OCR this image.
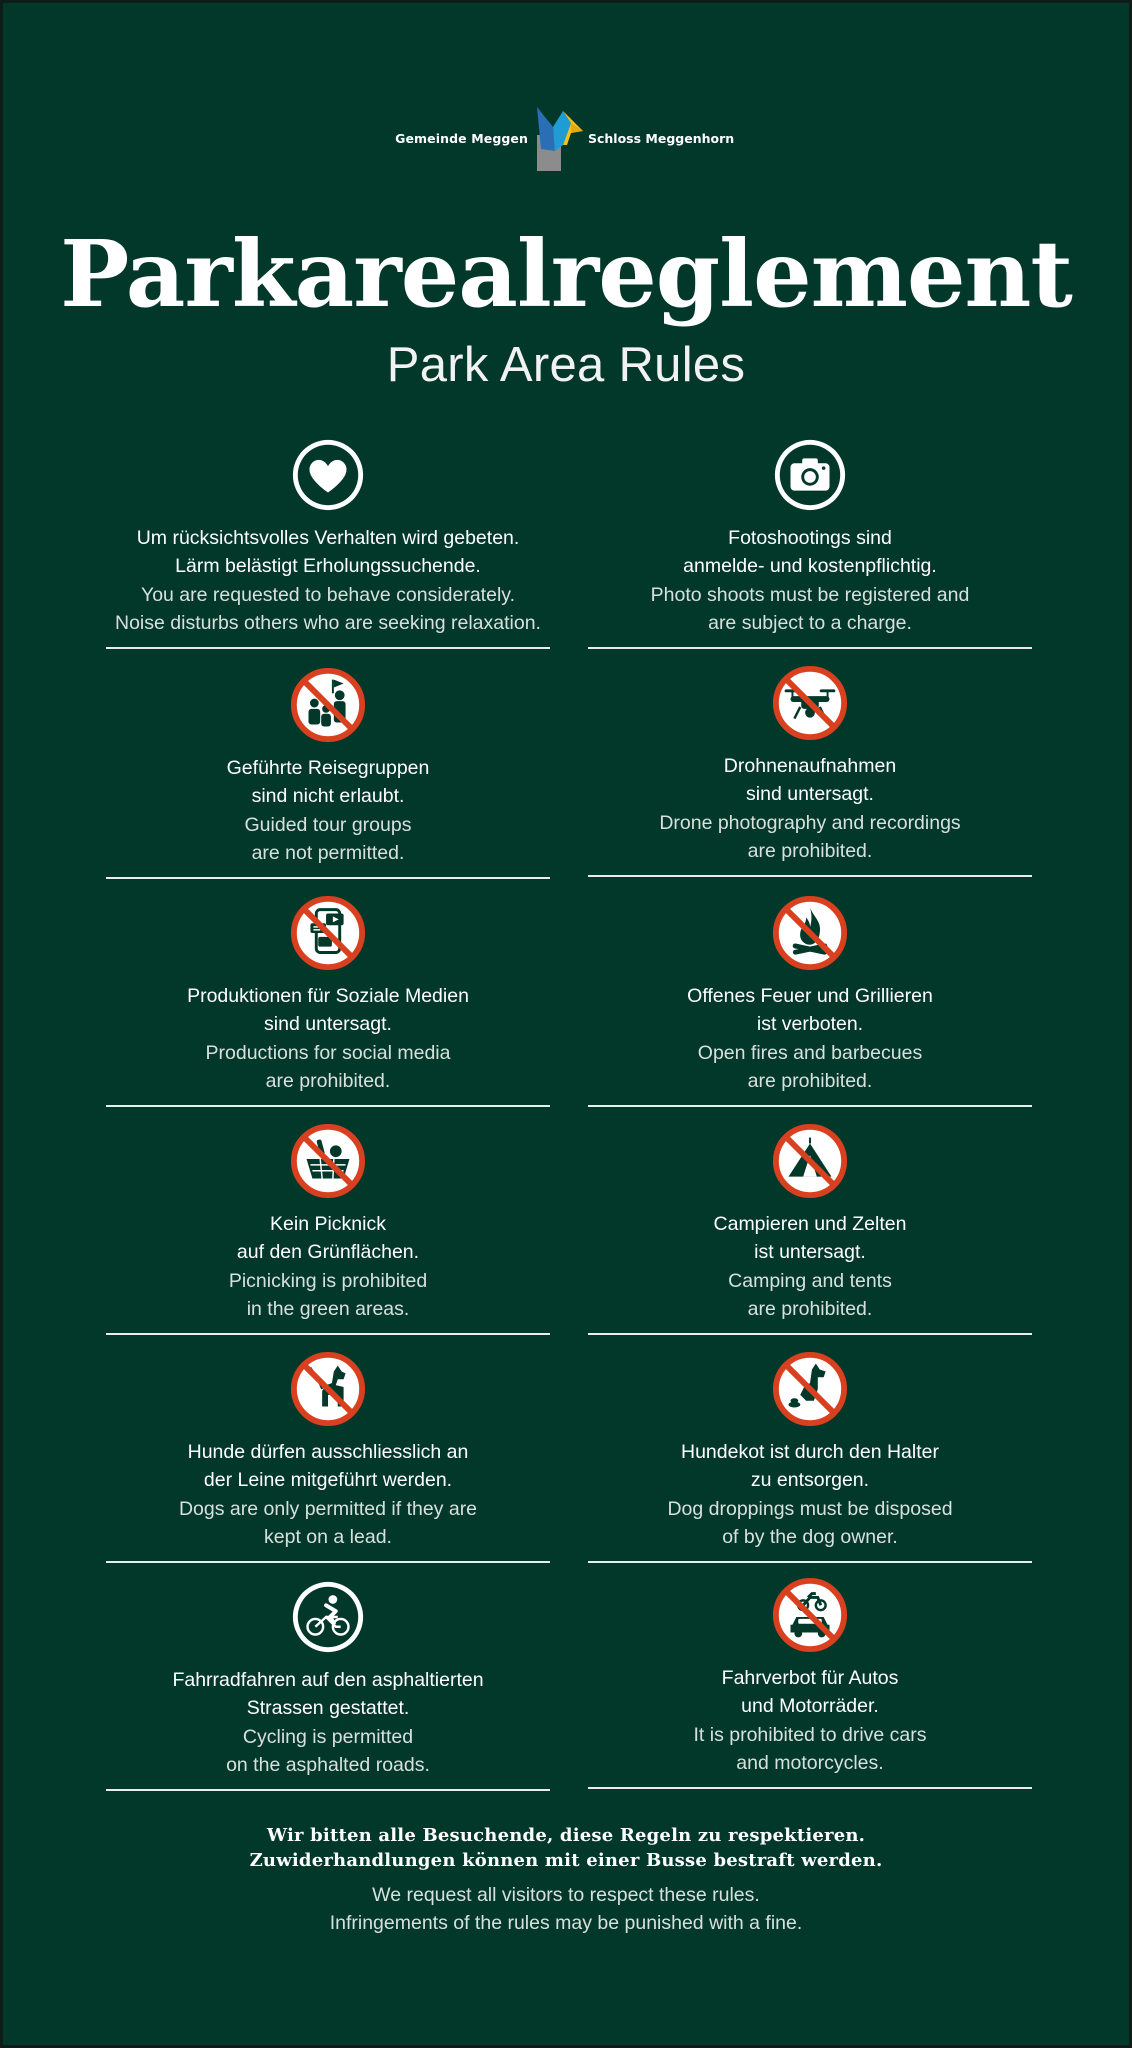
Gemeinde Meggen	Schloss Meggenhorn
Parkarealreglement
Park Area Rules
Um rücksichtsvolles Verhalten wird gebeten.
Lärm belästigt Erholungssuchende.
You are requested to behave considerately.
Noise disturbs others who are seeking relaxation.
Fotoshootings sind
anmelde- und kostenpflichtig.
Photo shoots must be registered and
are subject to a charge.
Geführte Reisegruppen
sind nicht erlaubt.
Guided tour groups
are not permitted.
Drohnenaufnahmen
sind untersagt.
Drone photography and recordings
are prohibited.
Produktionen für Soziale Medien
sind untersagt.
Productions for social media
are prohibited.
Offenes Feuer und Grillieren
ist verboten.
Open fires and barbecues
are prohibited.
Kein Picknick
auf den Grünflächen.
Picnicking is prohibited
in the green areas.
Campieren und Zelten
ist untersagt.
Camping and tents
are prohibited.
Hunde dürfen ausschliesslich an
der Leine mitgeführt werden.
Dogs are only permitted if they are
kept on a lead.
Hundekot ist durch den Halter
zu entsorgen.
Dog droppings must be disposed
of by the dog owner.
Fahrradfahren auf den asphaltierten
Strassen gestattet.
Cycling is permitted
on the asphalted roads.
Fahrverbot für Autos
und Motorräder.
It is prohibited to drive cars
and motorcycles.
Wir bitten alle Besuchende, diese Regeln zu respektieren.
Zuwiderhandlungen können mit einer Busse bestraft werden.
We request all visitors to respect these rules.
Infringements of the rules may be punished with a fine.
